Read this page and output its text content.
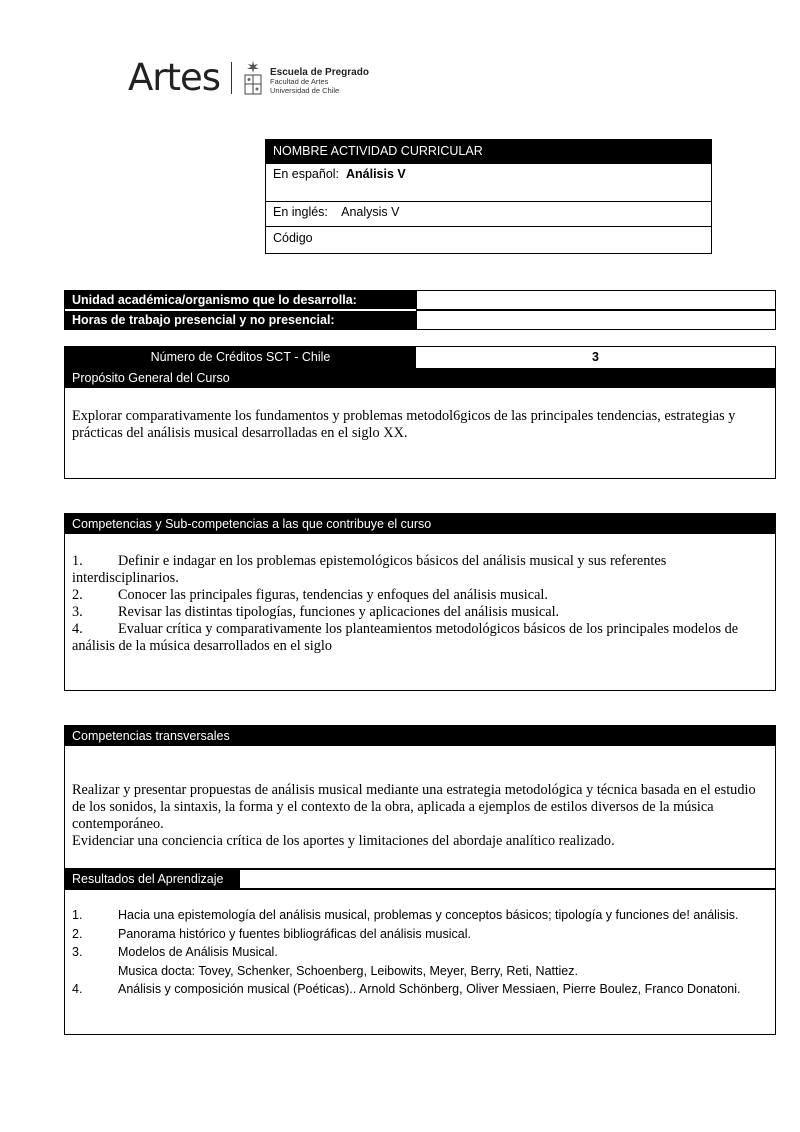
Artes	Escuela de Pregrado
Facultad de Artes
Universidad de Chile
NOMBRE ACTIVIDAD CURRICULAR
En español: Análisis V
En inglés: Analysis V
Código
Unidad académica/organismo que lo desarrolla:
Horas de trabajo presencial y no presencial:
Número de Créditos SCT - Chile	3
Propósito General del Curso
Explorar comparativamente los fundamentos y problemas metodol6gicos de las principales tendencias, estrategias y prácticas del análisis musical desarrolladas en el siglo XX.
Competencias y Sub-competencias a las que contribuye el curso
1. Definir e indagar en los problemas epistemológicos básicos del análisis musical y sus referentes interdisciplinarios.
2. Conocer las principales figuras, tendencias y enfoques del análisis musical.
3. Revisar las distintas tipologías, funciones y aplicaciones del análisis musical.
4. Evaluar crítica y comparativamente los planteamientos metodológicos básicos de los principales modelos de análisis de la música desarrollados en el siglo
Competencias transversales
Realizar y presentar propuestas de análisis musical mediante una estrategia metodológica y técnica basada en el estudio de los sonidos, la sintaxis, la forma y el contexto de la obra, aplicada a ejemplos de estilos diversos de la música contemporáneo.
Evidenciar una conciencia crítica de los aportes y limitaciones del abordaje analítico realizado.
Resultados del Aprendizaje
1.	Hacia una epistemología del análisis musical, problemas y conceptos básicos; tipología y funciones de! análisis.
2.	Panorama histórico y fuentes bibliográficas del análisis musical.
3.	Modelos de Análisis Musical.
Musica docta: Tovey, Schenker, Schoenberg, Leibowits, Meyer, Berry, Reti, Nattiez.
4.	Análisis y composición musical (Poéticas).. Arnold Schönberg, Oliver Messiaen, Pierre Boulez, Franco Donatoni.
